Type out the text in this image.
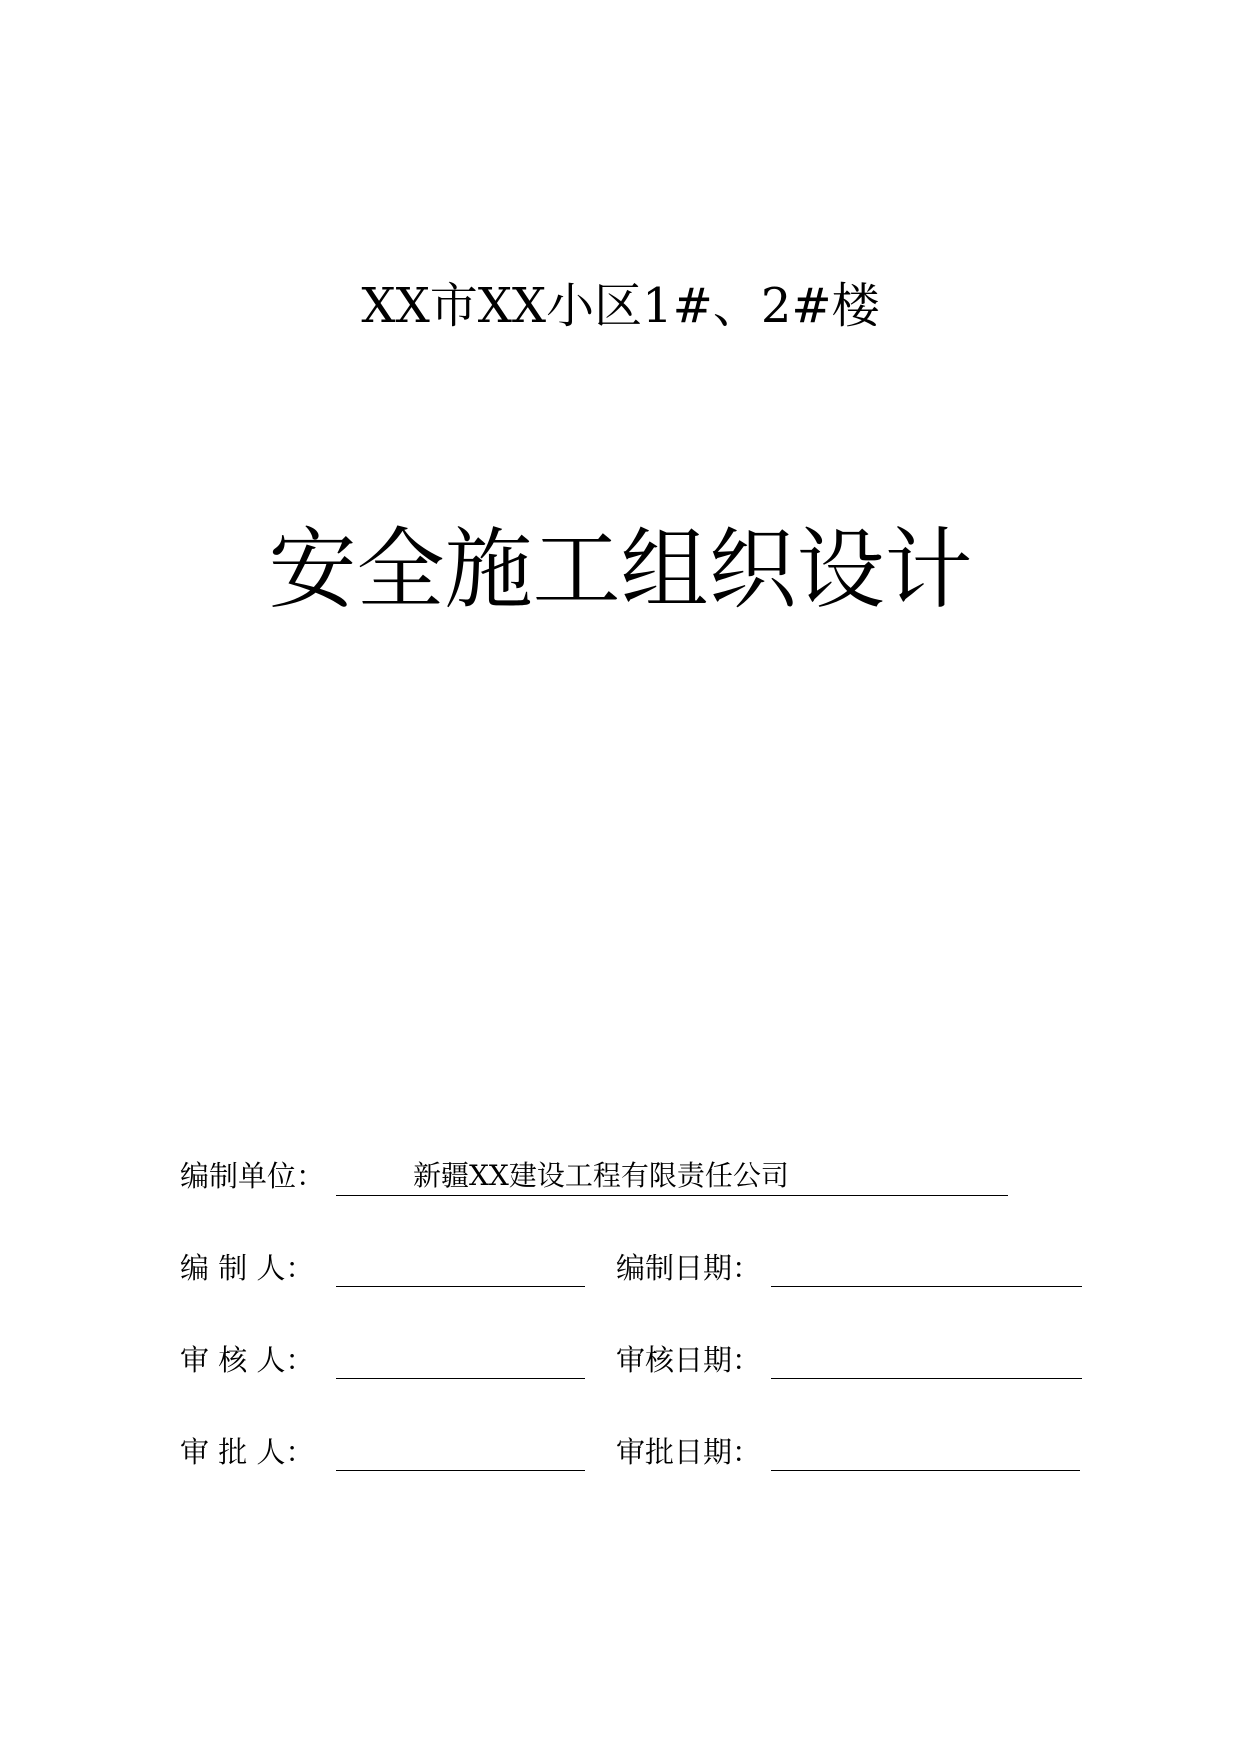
XX市XX小区1#、2#楼
安全施工组织设计
编制单位：	新疆XX建设工程有限责任公司
编 制 人：	编制日期：
审 核 人：	审核日期：
审 批 人：	审批日期：
